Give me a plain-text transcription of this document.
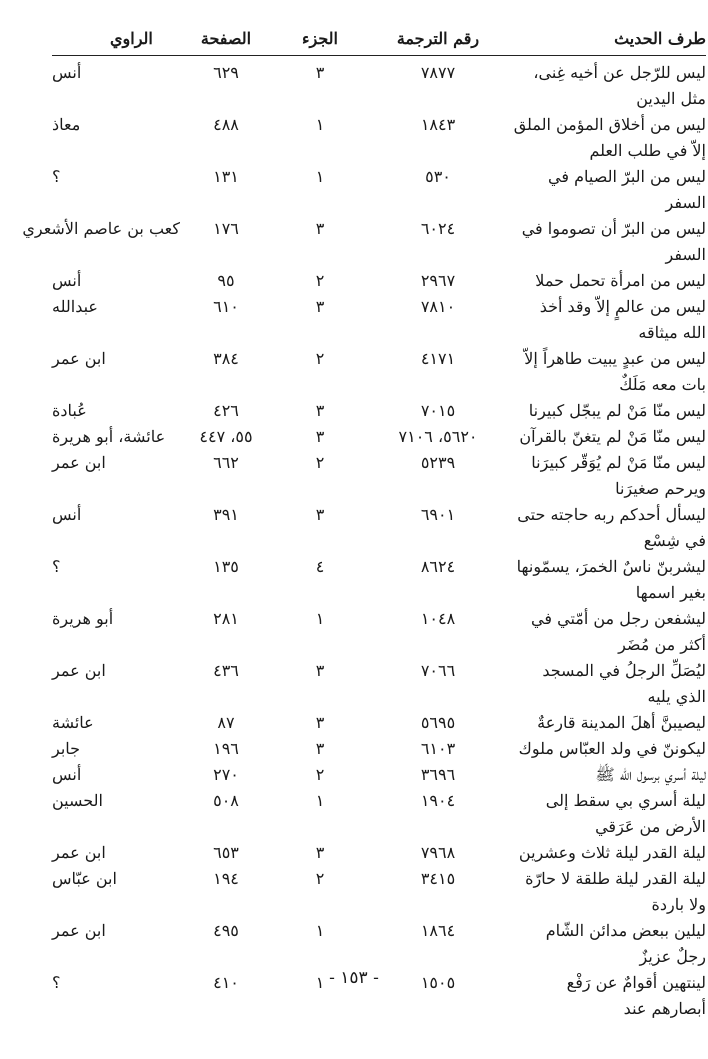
طرف الحديث
رقم الترجمة
الجزء
الصفحة
الراوي
ليس للرّجل عن أخيه غِنى، مثل اليدين
٧٨٧٧
٣
٦٢٩
أنس
ليس من أخلاق المؤمن الملق إلاّ في طلب العلم
١٨٤٣
١
٤٨٨
معاذ
ليس من البرّ الصيام في السفر
٥٣٠
١
١٣١
؟
ليس من البرّ أن تصوموا في السفر
٦٠٢٤
٣
١٧٦
كعب بن عاصم الأشعري
ليس من امرأة تحمل حملا
٢٩٦٧
٢
٩٥
أنس
ليس من عالمٍ إلاّ وقد أخذ الله ميثاقه
٧٨١٠
٣
٦١٠
عبدالله
ليس من عبدٍ يبيت طاهراً إلاّ بات معه مَلَكٌ
٤١٧١
٢
٣٨٤
ابن عمر
ليس منّا مَنْ لم يبجّل كبيرنا
٧٠١٥
٣
٤٢٦
عُبادة
ليس منّا مَنْ لم يتغنّ بالقرآن
٥٦٢٠، ٧١٠٦
٣
٥٥، ٤٤٧
عائشة، أبو هريرة
ليس منّا مَنْ لم يُوَقّر كبيرَنا ويرحم صغيرَنا
٥٢٣٩
٢
٦٦٢
ابن عمر
ليسأل أحدكم ربه حاجته حتى في شِسْع
٦٩٠١
٣
٣٩١
أنس
ليشربنّ ناسٌ الخمرَ، يسمّونها بغير اسمها
٨٦٢٤
٤
١٣٥
؟
ليشفعن رجل من أمّتي في أكثر من مُضَر
١٠٤٨
١
٢٨١
أبو هريرة
ليُصَلِّ الرجلُ في المسجد الذي يليه
٧٠٦٦
٣
٤٣٦
ابن عمر
ليصيبنَّ أهلَ المدينة قارعةٌ
٥٦٩٥
٣
٨٧
عائشة
ليكوننّ في ولد العبّاس ملوك
٦١٠٣
٣
١٩٦
جابر
ليلة أسري برسول الله ﷺ
٣٦٩٦
٢
٢٧٠
أنس
ليلة أسري بي سقط إلى الأرض من عَرَقي
١٩٠٤
١
٥٠٨
الحسين
ليلة القدر ليلة ثلاث وعشرين
٧٩٦٨
٣
٦٥٣
ابن عمر
ليلة القدر ليلة طلقة لا حارّة ولا باردة
٣٤١٥
٢
١٩٤
ابن عبّاس
ليلين ببعض مدائن الشّام رجلٌ عزيزٌ
١٨٦٤
١
٤٩٥
ابن عمر
لينتهين أقوامٌ عن رَفْع أبصارهم عند
١٥٠٥
١
٤١٠
؟	- ١٥٣ -
